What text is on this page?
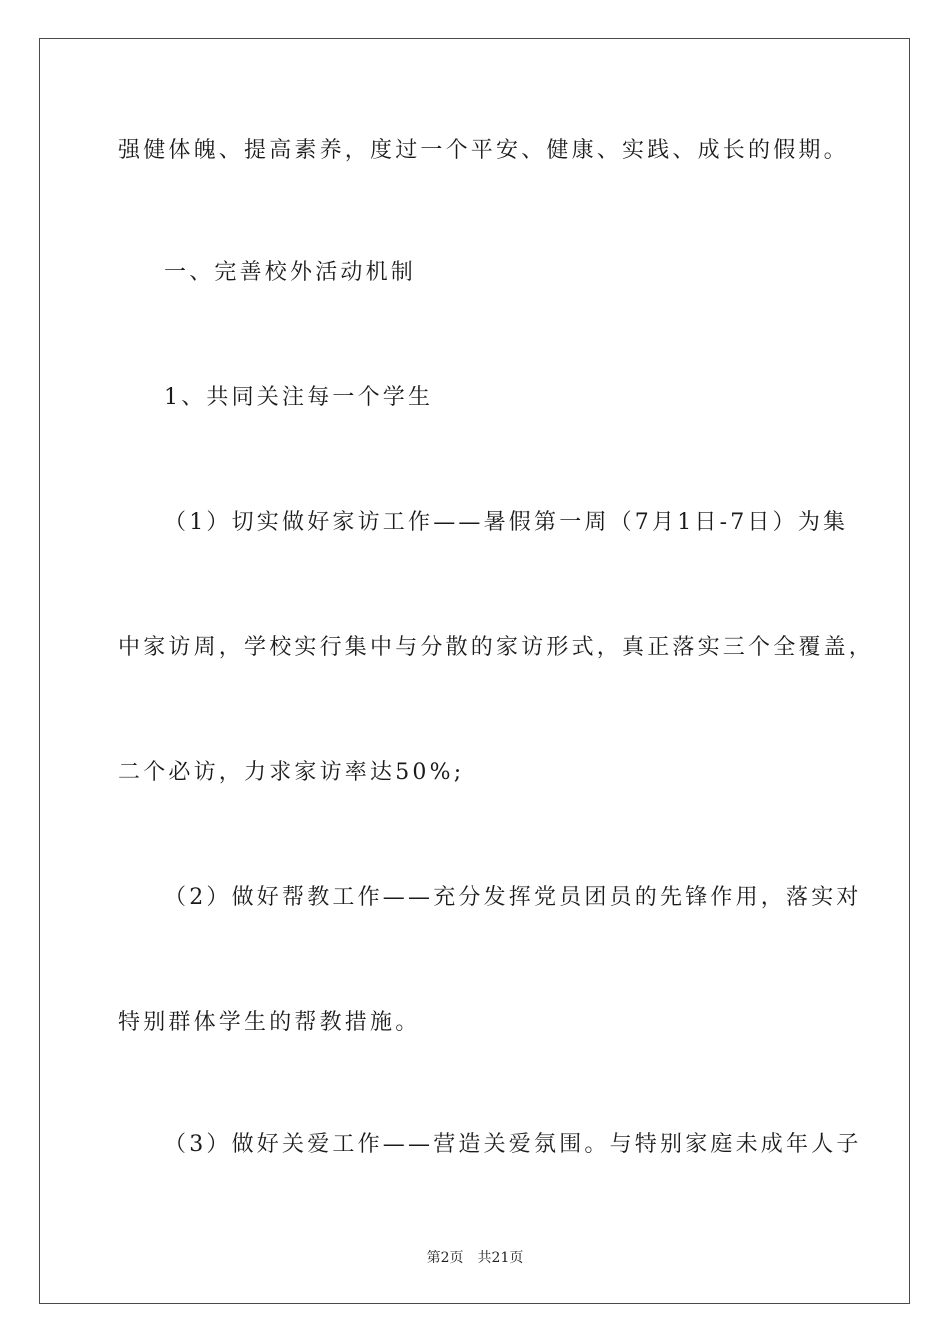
强健体魄、提高素养，度过一个平安、健康、实践、成长的假期。
一、完善校外活动机制
1、共同关注每一个学生
（1）切实做好家访工作——暑假第一周（7月1日-7日）为集
中家访周，学校实行集中与分散的家访形式，真正落实三个全覆盖，
二个必访，力求家访率达50%;
（2）做好帮教工作——充分发挥党员团员的先锋作用，落实对
特别群体学生的帮教措施。
（3）做好关爱工作——营造关爱氛围。与特别家庭未成年人子
第2页 共21页
